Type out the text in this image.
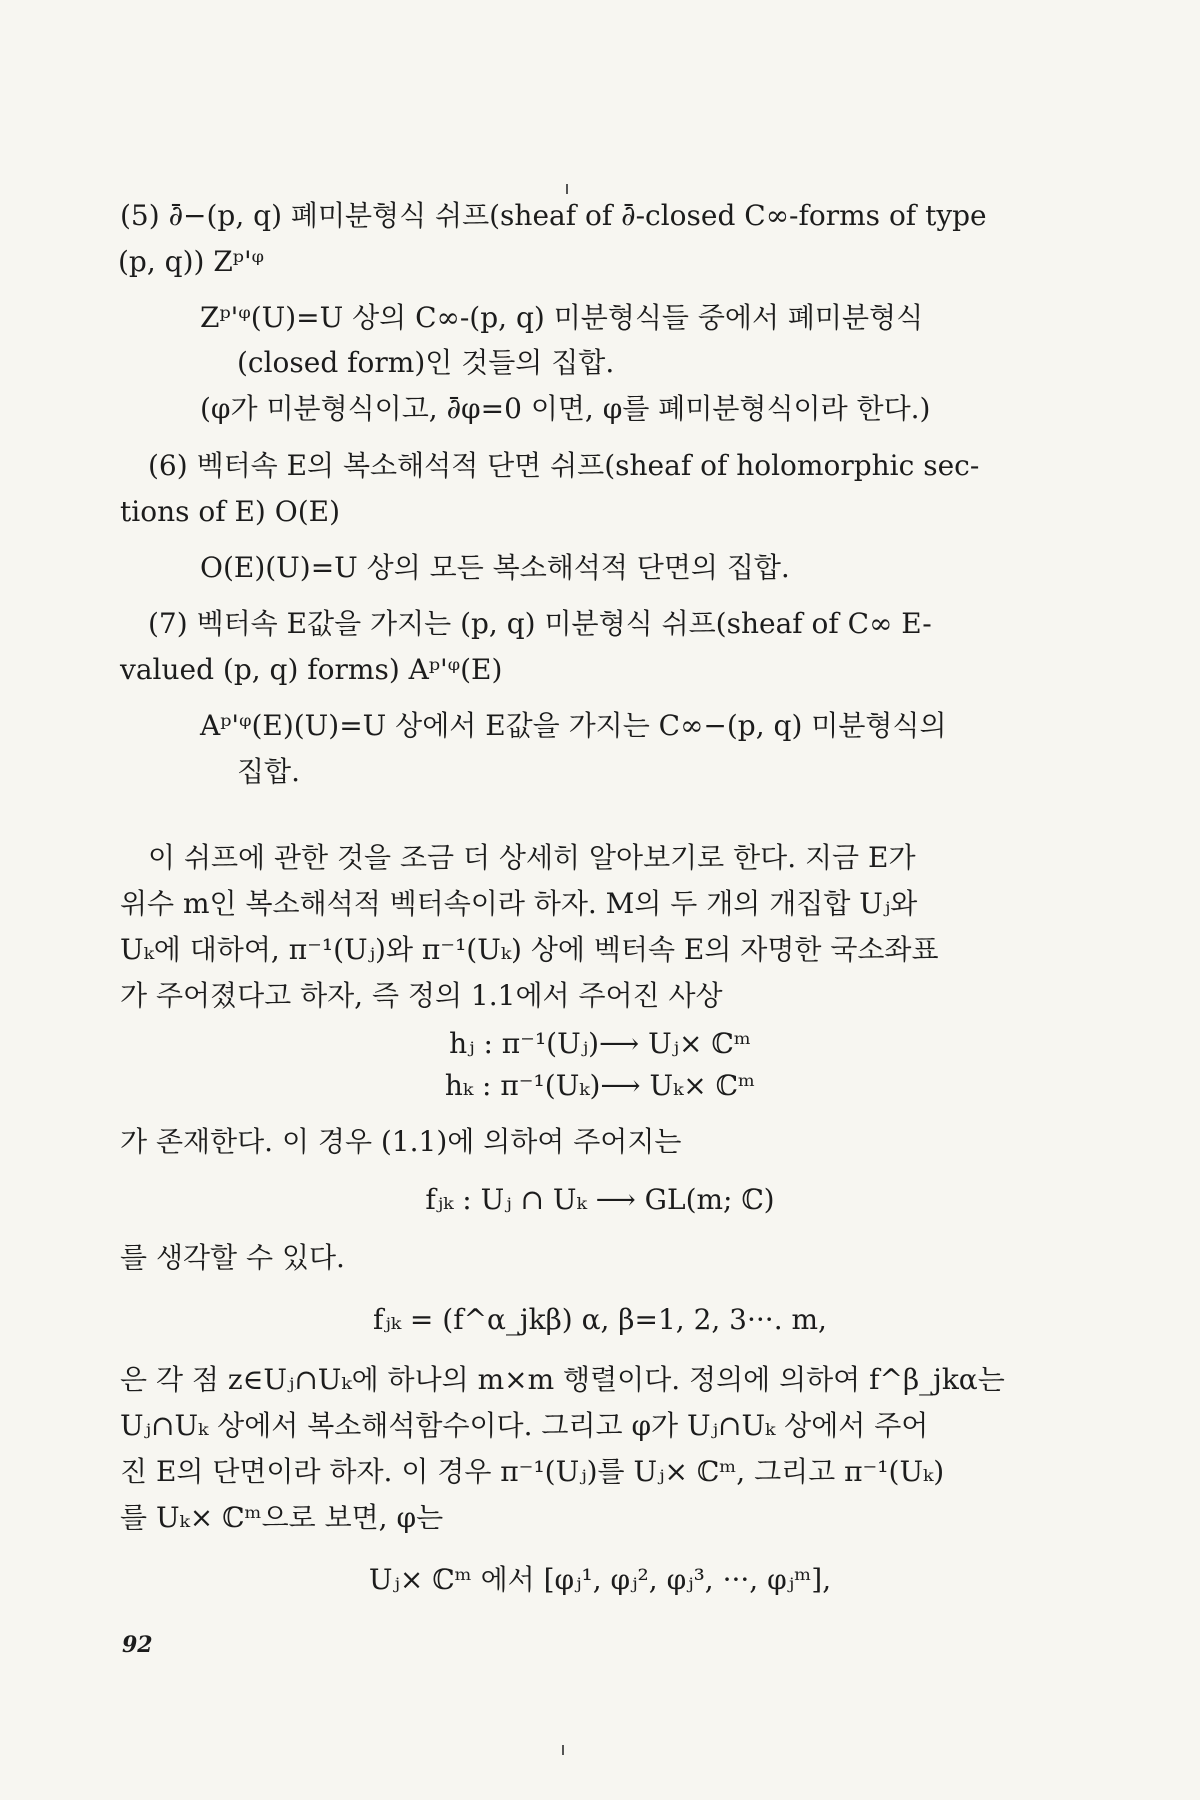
(5) ∂̄−(p, q) 폐미분형식 쉬프(sheaf of ∂̄-closed C∞-forms of type
(p, q)) Zᵖ'ᵠ
Zᵖ'ᵠ(U)=U 상의 C∞-(p, q) 미분형식들 중에서 폐미분형식
(closed form)인 것들의 집합.
(φ가 미분형식이고, ∂̄φ=0 이면, φ를 폐미분형식이라 한다.)
(6) 벡터속 E의 복소해석적 단면 쉬프(sheaf of holomorphic sec-
tions of E) O(E)
O(E)(U)=U 상의 모든 복소해석적 단면의 집합.
(7) 벡터속 E값을 가지는 (p, q) 미분형식 쉬프(sheaf of C∞ E-
valued (p, q) forms) Aᵖ'ᵠ(E)
Aᵖ'ᵠ(E)(U)=U 상에서 E값을 가지는 C∞−(p, q) 미분형식의
집합.
이 쉬프에 관한 것을 조금 더 상세히 알아보기로 한다. 지금 E가
위수 m인 복소해석적 벡터속이라 하자. M의 두 개의 개집합 Uⱼ와
Uₖ에 대하여, π⁻¹(Uⱼ)와 π⁻¹(Uₖ) 상에 벡터속 E의 자명한 국소좌표
가 주어졌다고 하자, 즉 정의 1.1에서 주어진 사상
hⱼ : π⁻¹(Uⱼ)⟶ Uⱼ× ℂᵐ
hₖ : π⁻¹(Uₖ)⟶ Uₖ× ℂᵐ
가 존재한다. 이 경우 (1.1)에 의하여 주어지는
fⱼₖ : Uⱼ ∩ Uₖ ⟶ GL(m; ℂ)
를 생각할 수 있다.
fⱼₖ = (f^α_jkβ) α, β=1, 2, 3···. m,
은 각 점 z∈Uⱼ∩Uₖ에 하나의 m×m 행렬이다. 정의에 의하여 f^β_jkα는
Uⱼ∩Uₖ 상에서 복소해석함수이다. 그리고 φ가 Uⱼ∩Uₖ 상에서 주어
진 E의 단면이라 하자. 이 경우 π⁻¹(Uⱼ)를 Uⱼ× ℂᵐ, 그리고 π⁻¹(Uₖ)
를 Uₖ× ℂᵐ으로 보면, φ는
Uⱼ× ℂᵐ 에서 [φⱼ¹, φⱼ², φⱼ³, ···, φⱼᵐ],
92
